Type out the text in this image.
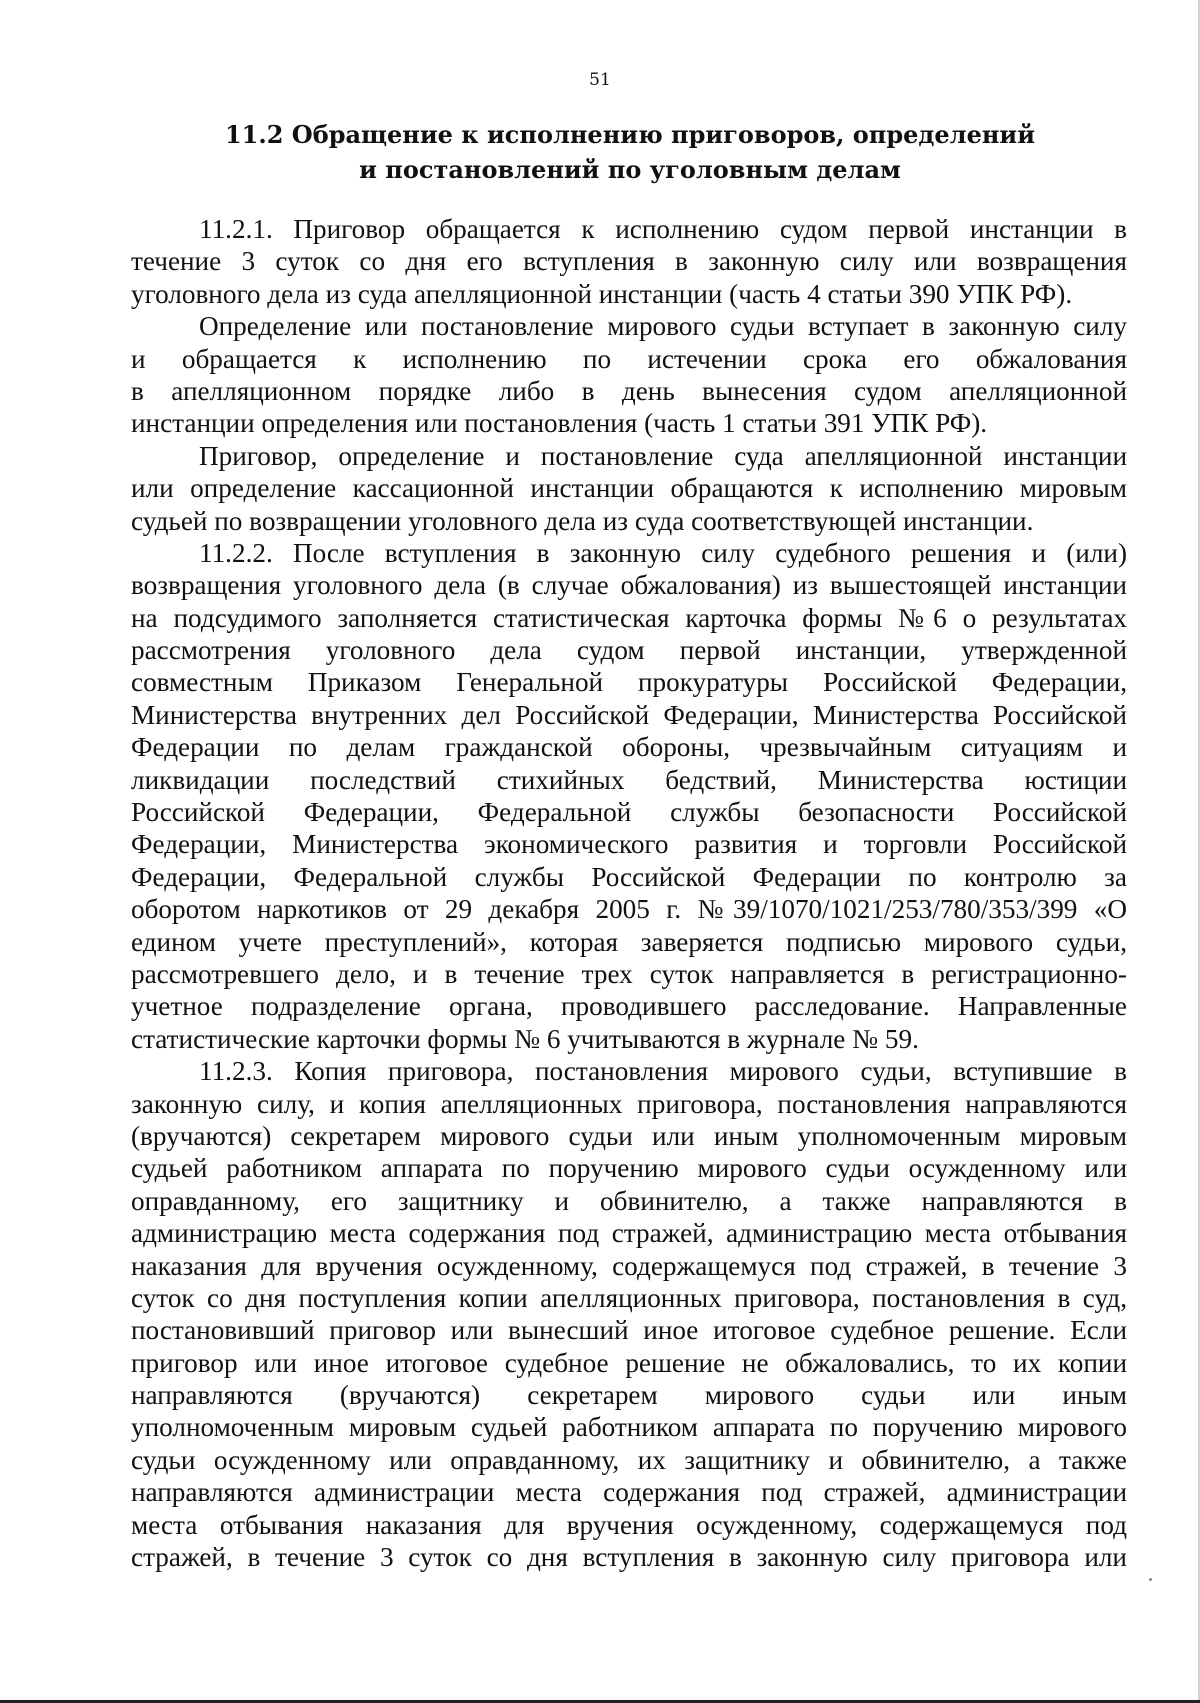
51
11.2 Обращение к исполнению приговоров, определений
и постановлений по уголовным делам
11.2.1. Приговор обращается к исполнению судом первой инстанции в
течение 3 суток со дня его вступления в законную силу или возвращения
уголовного дела из суда апелляционной инстанции (часть 4 статьи 390 УПК РФ).
Определение или постановление мирового судьи вступает в законную силу
и обращается к исполнению по истечении срока его обжалования
в апелляционном порядке либо в день вынесения судом апелляционной
инстанции определения или постановления (часть 1 статьи 391 УПК РФ).
Приговор, определение и постановление суда апелляционной инстанции
или определение кассационной инстанции обращаются к исполнению мировым
судьей по возвращении уголовного дела из суда соответствующей инстанции.
11.2.2. После вступления в законную силу судебного решения и (или)
возвращения уголовного дела (в случае обжалования) из вышестоящей инстанции
на подсудимого заполняется статистическая карточка формы №6 о результатах
рассмотрения уголовного дела судом первой инстанции, утвержденной
совместным Приказом Генеральной прокуратуры Российской Федерации,
Министерства внутренних дел Российской Федерации, Министерства Российской
Федерации по делам гражданской обороны, чрезвычайным ситуациям и
ликвидации последствий стихийных бедствий, Министерства юстиции
Российской Федерации, Федеральной службы безопасности Российской
Федерации, Министерства экономического развития и торговли Российской
Федерации, Федеральной службы Российской Федерации по контролю за
оборотом наркотиков от 29 декабря 2005 г. №39/1070/1021/253/780/353/399 «О
едином учете преступлений», которая заверяется подписью мирового судьи,
рассмотревшего дело, и в течение трех суток направляется в регистрационно-
учетное подразделение органа, проводившего расследование. Направленные
статистические карточки формы № 6 учитываются в журнале № 59.
11.2.3. Копия приговора, постановления мирового судьи, вступившие в
законную силу, и копия апелляционных приговора, постановления направляются
(вручаются) секретарем мирового судьи или иным уполномоченным мировым
судьей работником аппарата по поручению мирового судьи осужденному или
оправданному, его защитнику и обвинителю, а также направляются в
администрацию места содержания под стражей, администрацию места отбывания
наказания для вручения осужденному, содержащемуся под стражей, в течение 3
суток со дня поступления копии апелляционных приговора, постановления в суд,
постановивший приговор или вынесший иное итоговое судебное решение. Если
приговор или иное итоговое судебное решение не обжаловались, то их копии
направляются (вручаются) секретарем мирового судьи или иным
уполномоченным мировым судьей работником аппарата по поручению мирового
судьи осужденному или оправданному, их защитнику и обвинителю, а также
направляются администрации места содержания под стражей, администрации
места отбывания наказания для вручения осужденному, содержащемуся под
стражей, в течение 3 суток со дня вступления в законную силу приговора или
